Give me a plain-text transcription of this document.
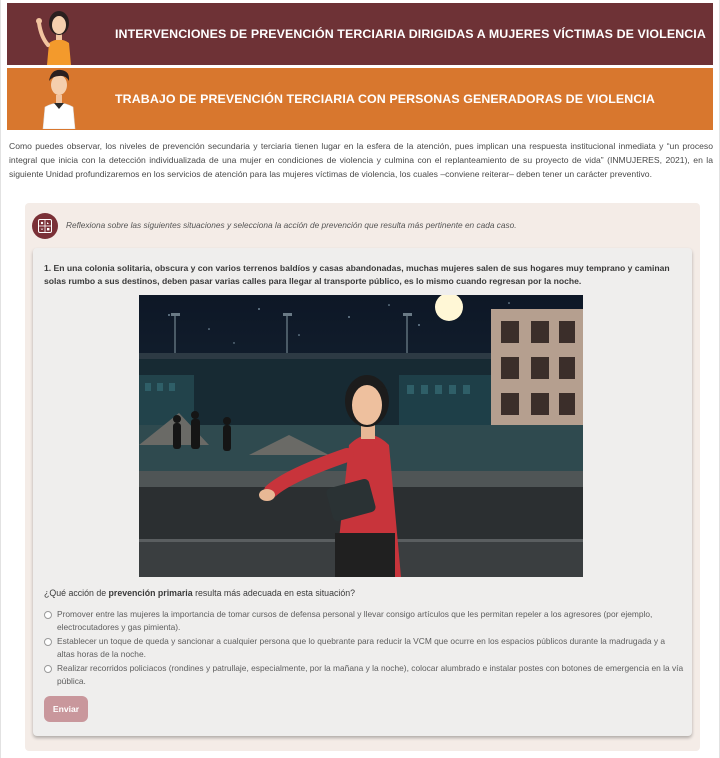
INTERVENCIONES DE PREVENCIÓN TERCIARIA DIRIGIDAS A MUJERES VÍCTIMAS DE VIOLENCIA
TRABAJO DE PREVENCIÓN TERCIARIA CON PERSONAS GENERADORAS DE VIOLENCIA

Como puedes observar, los niveles de prevención secundaria y terciaria tienen lugar en la esfera de la atención, pues implican una respuesta institucional inmediata y “un proceso integral que inicia con la detección individualizada de una mujer en condiciones de violencia y culmina con el replanteamiento de su proyecto de vida” (INMUJERES, 2021), en la siguiente Unidad profundizaremos en los servicios de atención para las mujeres víctimas de violencia, los cuales –conviene reiterar– deben tener un carácter preventivo.

Reflexiona sobre las siguientes situaciones y selecciona la acción de prevención que resulta más pertinente en cada caso.

1. En una colonia solitaria, obscura y con varios terrenos baldíos y casas abandonadas, muchas mujeres salen de sus hogares muy temprano y caminan solas rumbo a sus destinos, deben pasar varias calles para llegar al transporte público, es lo mismo cuando regresan por la noche.

¿Qué acción de prevención primaria resulta más adecuada en esta situación?
Promover entre las mujeres la importancia de tomar cursos de defensa personal y llevar consigo artículos que les permitan repeler a los agresores (por ejemplo, electrocutadores y gas pimienta).
Establecer un toque de queda y sancionar a cualquier persona que lo quebrante para reducir la VCM que ocurre en los espacios públicos durante la madrugada y a altas horas de la noche.
Realizar recorridos policiacos (rondines y patrullaje, especialmente, por la mañana y la noche), colocar alumbrado e instalar postes con botones de emergencia en la vía pública.
Enviar
